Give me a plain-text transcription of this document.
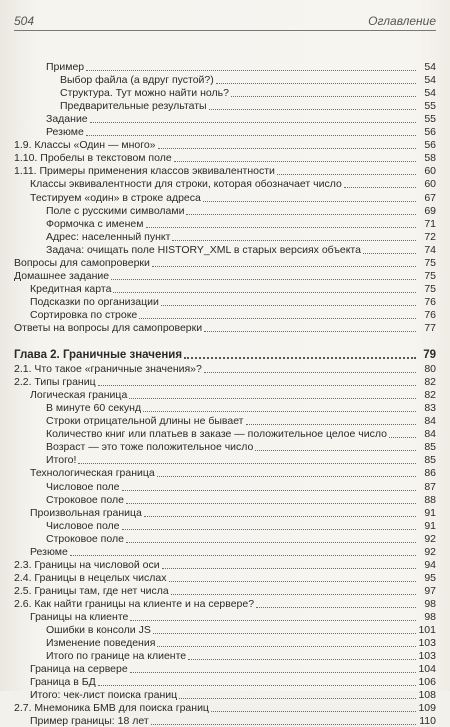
504	Оглавление
Пример	54
Выбор файла (а вдруг пустой?)	54
Структура. Тут можно найти ноль?	54
Предварительные результаты	55
Задание	55
Резюме	56
1.9. Классы «Один — много»	56
1.10. Пробелы в текстовом поле	58
1.11. Примеры применения классов эквивалентности	60
Классы эквивалентности для строки, которая обозначает число	60
Тестируем «один» в строке адреса	67
Поле с русскими символами	69
Формочка с именем	71
Адрес: населенный пункт	72
Задача: очищать поле HISTORY_XML в старых версиях объекта	74
Вопросы для самопроверки	75
Домашнее задание	75
Кредитная карта	75
Подсказки по организации	76
Сортировка по строке	76
Ответы на вопросы для самопроверки	77
Глава 2. Граничные значения	79
2.1. Что такое «граничные значения»?	80
2.2. Типы границ	82
Логическая граница	82
В минуте 60 секунд	83
Строки отрицательной длины не бывает	84
Количество книг или платьев в заказе — положительное целое число	84
Возраст — это тоже положительное число	85
Итого!	85
Технологическая граница	86
Числовое поле	87
Строковое поле	88
Произвольная граница	91
Числовое поле	91
Строковое поле	92
Резюме	92
2.3. Границы на числовой оси	94
2.4. Границы в нецелых числах	95
2.5. Границы там, где нет числа	97
2.6. Как найти границы на клиенте и на сервере?	98
Границы на клиенте	98
Ошибки в консоли JS	101
Изменение поведения	103
Итого по границе на клиенте	103
Граница на сервере	104
Граница в БД	106
Итого: чек-лист поиска границ	108
2.7. Мнемоника БМВ для поиска границ	109
Пример границы: 18 лет	110
